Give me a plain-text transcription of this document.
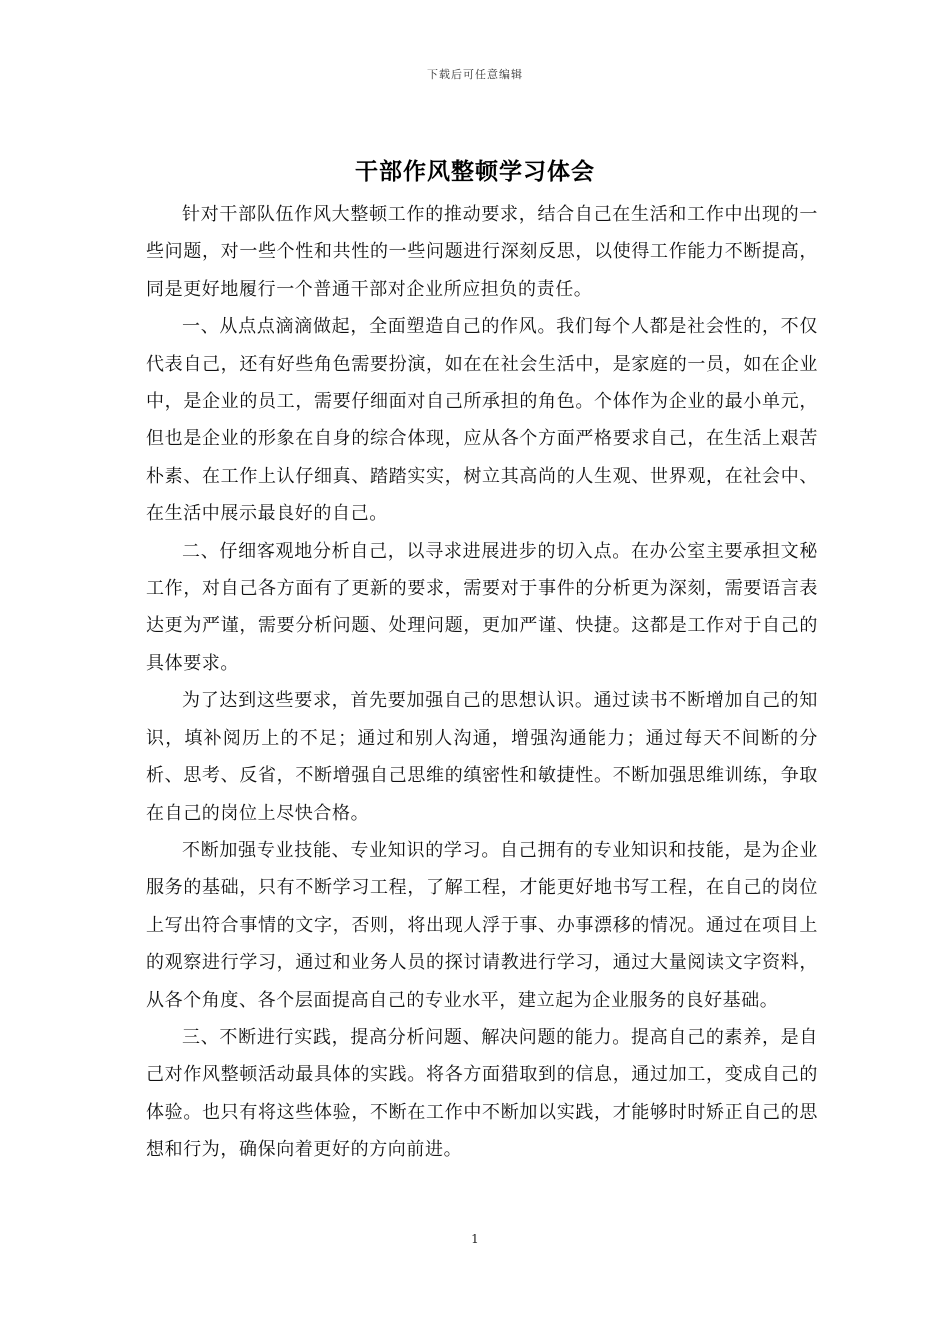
下载后可任意编辑
干部作风整顿学习体会

针对干部队伍作风大整顿工作的推动要求，结合自己在生活和工作中出现的一些问题，对一些个性和共性的一些问题进行深刻反思，以使得工作能力不断提高，同是更好地履行一个普通干部对企业所应担负的责任。

一、从点点滴滴做起，全面塑造自己的作风。我们每个人都是社会性的，不仅代表自己，还有好些角色需要扮演，如在在社会生活中，是家庭的一员，如在企业中，是企业的员工，需要仔细面对自己所承担的角色。个体作为企业的最小单元，但也是企业的形象在自身的综合体现，应从各个方面严格要求自己，在生活上艰苦朴素、在工作上认仔细真、踏踏实实，树立其高尚的人生观、世界观，在社会中、在生活中展示最良好的自己。

二、仔细客观地分析自己，以寻求进展进步的切入点。在办公室主要承担文秘工作，对自己各方面有了更新的要求，需要对于事件的分析更为深刻，需要语言表达更为严谨，需要分析问题、处理问题，更加严谨、快捷。这都是工作对于自己的具体要求。

为了达到这些要求，首先要加强自己的思想认识。通过读书不断增加自己的知识，填补阅历上的不足；通过和别人沟通，增强沟通能力；通过每天不间断的分析、思考、反省，不断增强自己思维的缜密性和敏捷性。不断加强思维训练，争取在自己的岗位上尽快合格。

不断加强专业技能、专业知识的学习。自己拥有的专业知识和技能，是为企业服务的基础，只有不断学习工程，了解工程，才能更好地书写工程，在自己的岗位上写出符合事情的文字，否则，将出现人浮于事、办事漂移的情况。通过在项目上的观察进行学习，通过和业务人员的探讨请教进行学习，通过大量阅读文字资料，从各个角度、各个层面提高自己的专业水平，建立起为企业服务的良好基础。

三、不断进行实践，提高分析问题、解决问题的能力。提高自己的素养，是自己对作风整顿活动最具体的实践。将各方面猎取到的信息，通过加工，变成自己的体验。也只有将这些体验，不断在工作中不断加以实践，才能够时时矫正自己的思想和行为，确保向着更好的方向前进。

1
